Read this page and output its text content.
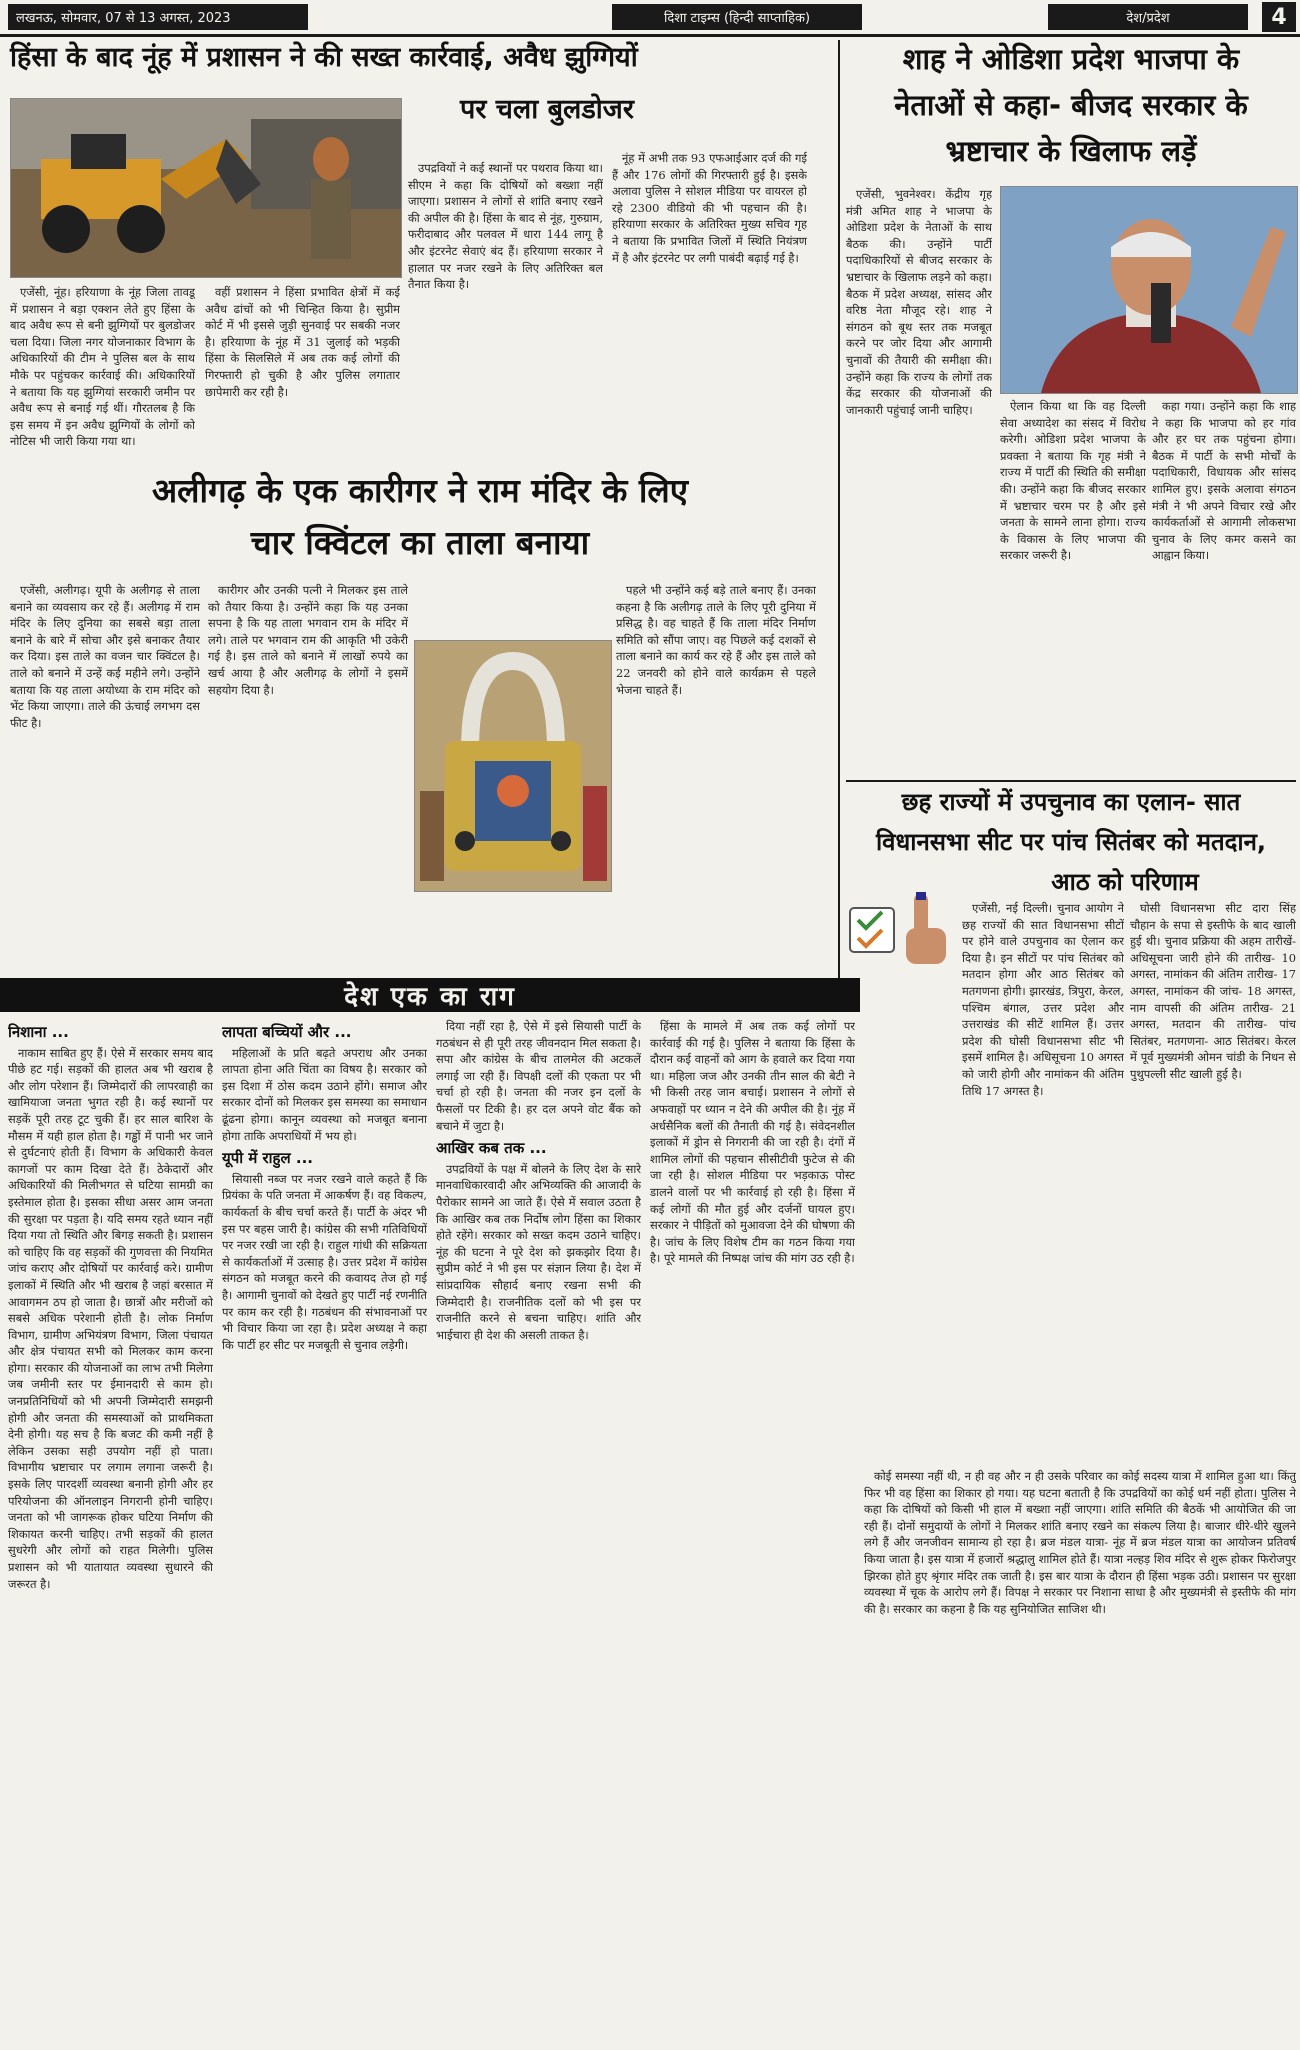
लखनऊ, सोमवार, 07 से 13 अगस्त, 2023	दिशा टाइम्स (हिन्दी साप्ताहिक)	देश/प्रदेश	4
हिंसा के बाद नूंह में प्रशासन ने की सख्त कार्रवाई, अवैध झुग्गियों
पर चला बुलडोजर

एजेंसी, नूंह। हरियाणा के नूंह जिला तावडू में प्रशासन ने बड़ा एक्शन लेते हुए हिंसा के बाद अवैध रूप से बनी झुग्गियों पर बुलडोजर चला दिया। जिला नगर योजनाकार विभाग के अधिकारियों की टीम ने पुलिस बल के साथ मौके पर पहुंचकर कार्रवाई की। अधिकारियों ने बताया कि यह झुग्गियां सरकारी जमीन पर अवैध रूप से बनाई गई थीं। गौरतलब है कि इस समय में इन अवैध झुग्गियों के लोगों को नोटिस भी जारी किया गया था।

वहीं प्रशासन ने हिंसा प्रभावित क्षेत्रों में कई अवैध ढांचों को भी चिन्हित किया है। सुप्रीम कोर्ट में भी इससे जुड़ी सुनवाई पर सबकी नजर है। हरियाणा के नूंह में 31 जुलाई को भड़की हिंसा के सिलसिले में अब तक कई लोगों की गिरफ्तारी हो चुकी है और पुलिस लगातार छापेमारी कर रही है।

उपद्रवियों ने कई स्थानों पर पथराव किया था। सीएम ने कहा कि दोषियों को बख्शा नहीं जाएगा। प्रशासन ने लोगों से शांति बनाए रखने की अपील की है। हिंसा के बाद से नूंह, गुरुग्राम, फरीदाबाद और पलवल में धारा 144 लागू है और इंटरनेट सेवाएं बंद हैं। हरियाणा सरकार ने हालात पर नजर रखने के लिए अतिरिक्त बल तैनात किया है।

नूंह में अभी तक 93 एफआईआर दर्ज की गई हैं और 176 लोगों की गिरफ्तारी हुई है। इसके अलावा पुलिस ने सोशल मीडिया पर वायरल हो रहे 2300 वीडियो की भी पहचान की है। हरियाणा सरकार के अतिरिक्त मुख्य सचिव गृह ने बताया कि प्रभावित जिलों में स्थिति नियंत्रण में है और इंटरनेट पर लगी पाबंदी बढ़ाई गई है।

अलीगढ़ के एक कारीगर ने राम मंदिर के लिए
चार क्विंटल का ताला बनाया

एजेंसी, अलीगढ़। यूपी के अलीगढ़ से ताला बनाने का व्यवसाय कर रहे हैं। अलीगढ़ में राम मंदिर के लिए दुनिया का सबसे बड़ा ताला बनाने के बारे में सोचा और इसे बनाकर तैयार कर दिया। इस ताले का वजन चार क्विंटल है। ताले को बनाने में उन्हें कई महीने लगे। उन्होंने बताया कि यह ताला अयोध्या के राम मंदिर को भेंट किया जाएगा। ताले की ऊंचाई लगभग दस फीट है।

कारीगर और उनकी पत्नी ने मिलकर इस ताले को तैयार किया है। उन्होंने कहा कि यह उनका सपना है कि यह ताला भगवान राम के मंदिर में लगे। ताले पर भगवान राम की आकृति भी उकेरी गई है। इस ताले को बनाने में लाखों रुपये का खर्च आया है और अलीगढ़ के लोगों ने इसमें सहयोग दिया है।

पहले भी उन्होंने कई बड़े ताले बनाए हैं। उनका कहना है कि अलीगढ़ ताले के लिए पूरी दुनिया में प्रसिद्ध है। वह चाहते हैं कि ताला मंदिर निर्माण समिति को सौंपा जाए। वह पिछले कई दशकों से ताला बनाने का कार्य कर रहे हैं और इस ताले को 22 जनवरी को होने वाले कार्यक्रम से पहले भेजना चाहते हैं।

शाह ने ओडिशा प्रदेश भाजपा के
नेताओं से कहा- बीजद सरकार के
भ्रष्टाचार के खिलाफ लड़ें

एजेंसी, भुवनेश्वर। केंद्रीय गृह मंत्री अमित शाह ने भाजपा के ओडिशा प्रदेश के नेताओं के साथ बैठक की। उन्होंने पार्टी पदाधिकारियों से बीजद सरकार के भ्रष्टाचार के खिलाफ लड़ने को कहा। बैठक में प्रदेश अध्यक्ष, सांसद और वरिष्ठ नेता मौजूद रहे। शाह ने संगठन को बूथ स्तर तक मजबूत करने पर जोर दिया और आगामी चुनावों की तैयारी की समीक्षा की। उन्होंने कहा कि राज्य के लोगों तक केंद्र सरकार की योजनाओं की जानकारी पहुंचाई जानी चाहिए।	ऐलान किया था कि वह दिल्ली सेवा अध्यादेश का संसद में विरोध करेगी। ओडिशा प्रदेश भाजपा के प्रवक्ता ने बताया कि गृह मंत्री ने राज्य में पार्टी की स्थिति की समीक्षा की। उन्होंने कहा कि बीजद सरकार में भ्रष्टाचार चरम पर है और इसे जनता के सामने लाना होगा। राज्य के विकास के लिए भाजपा की सरकार जरूरी है।

कहा गया। उन्होंने कहा कि शाह ने कहा कि भाजपा को हर गांव और हर घर तक पहुंचना होगा। बैठक में पार्टी के सभी मोर्चों के पदाधिकारी, विधायक और सांसद शामिल हुए। इसके अलावा संगठन मंत्री ने भी अपने विचार रखे और कार्यकर्ताओं से आगामी लोकसभा चुनाव के लिए कमर कसने का आह्वान किया।

छह राज्यों में उपचुनाव का एलान- सात
विधानसभा सीट पर पांच सितंबर को मतदान,
आठ को परिणाम

एजेंसी, नई दिल्ली। चुनाव आयोग ने छह राज्यों की सात विधानसभा सीटों पर होने वाले उपचुनाव का ऐलान कर दिया है। इन सीटों पर पांच सितंबर को मतदान होगा और आठ सितंबर को मतगणना होगी। झारखंड, त्रिपुरा, केरल, पश्चिम बंगाल, उत्तर प्रदेश और उत्तराखंड की सीटें शामिल हैं। उत्तर प्रदेश की घोसी विधानसभा सीट भी इसमें शामिल है। अधिसूचना 10 अगस्त को जारी होगी और नामांकन की अंतिम तिथि 17 अगस्त है।

घोसी विधानसभा सीट दारा सिंह चौहान के सपा से इस्तीफे के बाद खाली हुई थी। चुनाव प्रक्रिया की अहम तारीखें- अधिसूचना जारी होने की तारीख- 10 अगस्त, नामांकन की अंतिम तारीख- 17 अगस्त, नामांकन की जांच- 18 अगस्त, नाम वापसी की अंतिम तारीख- 21 अगस्त, मतदान की तारीख- पांच सितंबर, मतगणना- आठ सितंबर। केरल में पूर्व मुख्यमंत्री ओमन चांडी के निधन से पुथुपल्ली सीट खाली हुई है।

देश एक का राग
निशाना ...

नाकाम साबित हुए हैं। ऐसे में सरकार समय बाद पीछे हट गई। सड़कों की हालत अब भी खराब है और लोग परेशान हैं। जिम्मेदारों की लापरवाही का खामियाजा जनता भुगत रही है। कई स्थानों पर सड़कें पूरी तरह टूट चुकी हैं। हर साल बारिश के मौसम में यही हाल होता है। गड्ढों में पानी भर जाने से दुर्घटनाएं होती हैं। विभाग के अधिकारी केवल कागजों पर काम दिखा देते हैं। ठेकेदारों और अधिकारियों की मिलीभगत से घटिया सामग्री का इस्तेमाल होता है। इसका सीधा असर आम जनता की सुरक्षा पर पड़ता है। यदि समय रहते ध्यान नहीं दिया गया तो स्थिति और बिगड़ सकती है। प्रशासन को चाहिए कि वह सड़कों की गुणवत्ता की नियमित जांच कराए और दोषियों पर कार्रवाई करे। ग्रामीण इलाकों में स्थिति और भी खराब है जहां बरसात में आवागमन ठप हो जाता है। छात्रों और मरीजों को सबसे अधिक परेशानी होती है। लोक निर्माण विभाग, ग्रामीण अभियंत्रण विभाग, जिला पंचायत और क्षेत्र पंचायत सभी को मिलकर काम करना होगा। सरकार की योजनाओं का लाभ तभी मिलेगा जब जमीनी स्तर पर ईमानदारी से काम हो। जनप्रतिनिधियों को भी अपनी जिम्मेदारी समझनी होगी और जनता की समस्याओं को प्राथमिकता देनी होगी। यह सच है कि बजट की कमी नहीं है लेकिन उसका सही उपयोग नहीं हो पाता। विभागीय भ्रष्टाचार पर लगाम लगाना जरूरी है। इसके लिए पारदर्शी व्यवस्था बनानी होगी और हर परियोजना की ऑनलाइन निगरानी होनी चाहिए। जनता को भी जागरूक होकर घटिया निर्माण की शिकायत करनी चाहिए। तभी सड़कों की हालत सुधरेगी और लोगों को राहत मिलेगी। पुलिस प्रशासन को भी यातायात व्यवस्था सुधारने की जरूरत है।

लापता बच्चियों और ...

महिलाओं के प्रति बढ़ते अपराध और उनका लापता होना अति चिंता का विषय है। सरकार को इस दिशा में ठोस कदम उठाने होंगे। समाज और सरकार दोनों को मिलकर इस समस्या का समाधान ढूंढना होगा। कानून व्यवस्था को मजबूत बनाना होगा ताकि अपराधियों में भय हो।

यूपी में राहुल ...

सियासी नब्ज पर नजर रखने वाले कहते हैं कि प्रियंका के पति जनता में आकर्षण हैं। वह विकल्प, कार्यकर्ता के बीच चर्चा करते हैं। पार्टी के अंदर भी इस पर बहस जारी है। कांग्रेस की सभी गतिविधियों पर नजर रखी जा रही है। राहुल गांधी की सक्रियता से कार्यकर्ताओं में उत्साह है। उत्तर प्रदेश में कांग्रेस संगठन को मजबूत करने की कवायद तेज हो गई है। आगामी चुनावों को देखते हुए पार्टी नई रणनीति पर काम कर रही है। गठबंधन की संभावनाओं पर भी विचार किया जा रहा है। प्रदेश अध्यक्ष ने कहा कि पार्टी हर सीट पर मजबूती से चुनाव लड़ेगी।

दिया नहीं रहा है, ऐसे में इसे सियासी पार्टी के गठबंधन से ही पूरी तरह जीवनदान मिल सकता है। सपा और कांग्रेस के बीच तालमेल की अटकलें लगाई जा रही हैं। विपक्षी दलों की एकता पर भी चर्चा हो रही है। जनता की नजर इन दलों के फैसलों पर टिकी है। हर दल अपने वोट बैंक को बचाने में जुटा है।

आखिर कब तक ...

उपद्रवियों के पक्ष में बोलने के लिए देश के सारे मानवाधिकारवादी और अभिव्यक्ति की आजादी के पैरोकार सामने आ जाते हैं। ऐसे में सवाल उठता है कि आखिर कब तक निर्दोष लोग हिंसा का शिकार होते रहेंगे। सरकार को सख्त कदम उठाने चाहिए। नूंह की घटना ने पूरे देश को झकझोर दिया है। सुप्रीम कोर्ट ने भी इस पर संज्ञान लिया है। देश में सांप्रदायिक सौहार्द बनाए रखना सभी की जिम्मेदारी है। राजनीतिक दलों को भी इस पर राजनीति करने से बचना चाहिए। शांति और भाईचारा ही देश की असली ताकत है।

हिंसा के मामले में अब तक कई लोगों पर कार्रवाई की गई है। पुलिस ने बताया कि हिंसा के दौरान कई वाहनों को आग के हवाले कर दिया गया था। महिला जज और उनकी तीन साल की बेटी ने भी किसी तरह जान बचाई। प्रशासन ने लोगों से अफवाहों पर ध्यान न देने की अपील की है। नूंह में अर्धसैनिक बलों की तैनाती की गई है। संवेदनशील इलाकों में ड्रोन से निगरानी की जा रही है। दंगों में शामिल लोगों की पहचान सीसीटीवी फुटेज से की जा रही है। सोशल मीडिया पर भड़काऊ पोस्ट डालने वालों पर भी कार्रवाई हो रही है। हिंसा में कई लोगों की मौत हुई और दर्जनों घायल हुए। सरकार ने पीड़ितों को मुआवजा देने की घोषणा की है। जांच के लिए विशेष टीम का गठन किया गया है। पूरे मामले की निष्पक्ष जांच की मांग उठ रही है।

कोई समस्या नहीं थी, न ही वह और न ही उसके परिवार का कोई सदस्य यात्रा में शामिल हुआ था। किंतु फिर भी वह हिंसा का शिकार हो गया। यह घटना बताती है कि उपद्रवियों का कोई धर्म नहीं होता। पुलिस ने कहा कि दोषियों को किसी भी हाल में बख्शा नहीं जाएगा। शांति समिति की बैठकें भी आयोजित की जा रही हैं। दोनों समुदायों के लोगों ने मिलकर शांति बनाए रखने का संकल्प लिया है। बाजार धीरे-धीरे खुलने लगे हैं और जनजीवन सामान्य हो रहा है। ब्रज मंडल यात्रा- नूंह में ब्रज मंडल यात्रा का आयोजन प्रतिवर्ष किया जाता है। इस यात्रा में हजारों श्रद्धालु शामिल होते हैं। यात्रा नल्हड़ शिव मंदिर से शुरू होकर फिरोजपुर झिरका होते हुए श्रृंगार मंदिर तक जाती है। इस बार यात्रा के दौरान ही हिंसा भड़क उठी। प्रशासन पर सुरक्षा व्यवस्था में चूक के आरोप लगे हैं। विपक्ष ने सरकार पर निशाना साधा है और मुख्यमंत्री से इस्तीफे की मांग की है। सरकार का कहना है कि यह सुनियोजित साजिश थी।
